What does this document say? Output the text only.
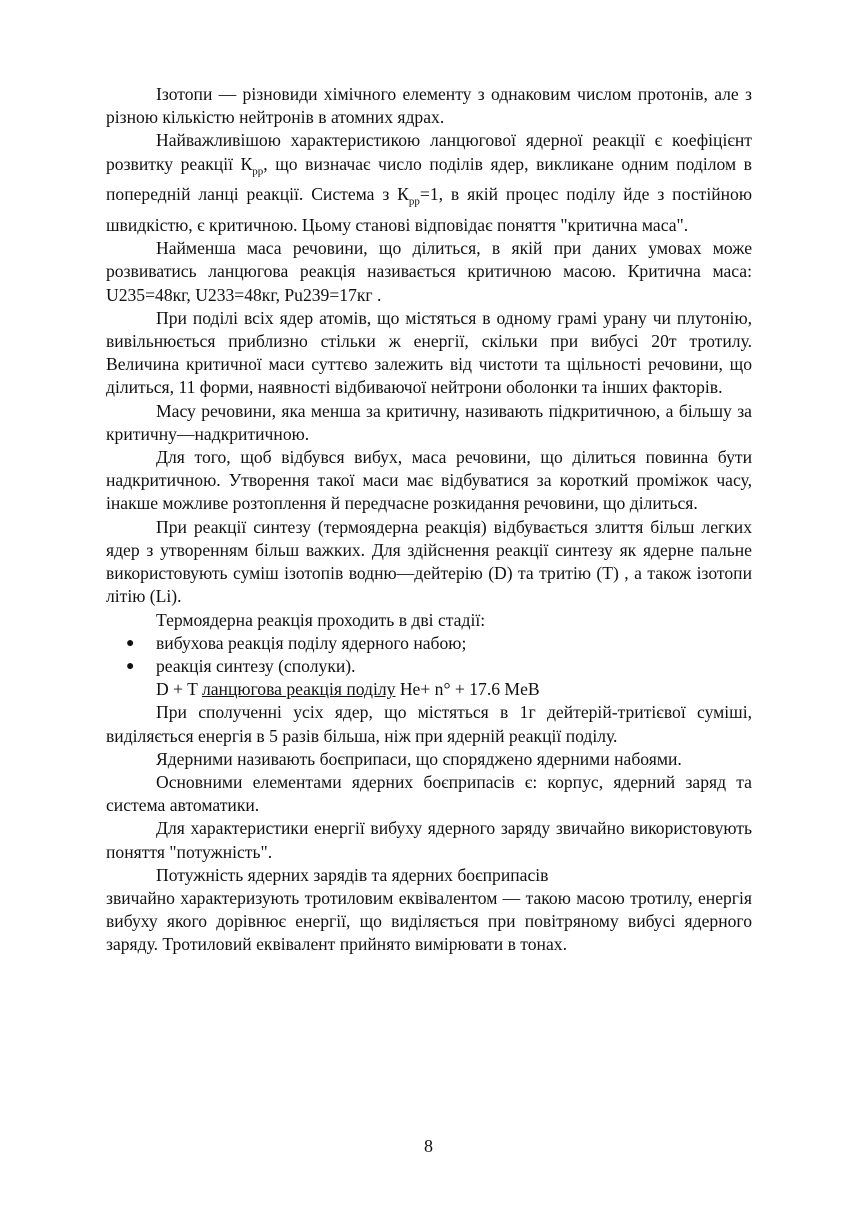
Ізотопи — різновиди хімічного елементу з однаковим числом протонів, але з різною кількістю нейтронів в атомних ядрах.

Найважливішою характеристикою ланцюгової ядерної реакції є коефіцієнт розвитку реакції $К_{рр}$, що визначає число поділів ядер, викликане одним поділом в попередній ланці реакції. Система з $К_{рр}=1$, в якій процес поділу йде з постійною швидкістю, є критичною. Цьому станові відповідає поняття "критична маса".

Найменша маса речовини, що ділиться, в якій при даних умовах може розвиватись ланцюгова реакція називається критичною масою. Критична маса: U235=48кг, U233=48кг, Pu239=17кг .

При поділі всіх ядер атомів, що містяться в одному грамі урану чи плутонію, вивільнюється приблизно стільки ж енергії, скільки при вибусі 20т тротилу. Величина критичної маси суттєво залежить від чистоти та щільності речовини, що ділиться, 11 форми, наявності відбиваючої нейтрони оболонки та інших факторів.

Масу речовини, яка менша за критичну, називають підкритичною, а більшу за критичну—надкритичною.

Для того, щоб відбувся вибух, маса речовини, що ділиться повинна бути надкритичною. Утворення такої маси має відбуватися за короткий проміжок часу, інакше можливе розтоплення й передчасне розкидання речовини, що ділиться.

При реакції синтезу (термоядерна реакція) відбувається злиття більш легких ядер з утворенням більш важких. Для здійснення реакції синтезу як ядерне пальне використовують суміш ізотопів водню—дейтерію (D) та тритію (T) , а також ізотопи літію (Li).

Термоядерна реакція проходить в дві стадії:

● вибухова реакція поділу ядерного набою;
● реакція синтезу (сполуки).

D + T ланцюгова реакція поділу He+ n° + 17.6 MeB

При сполученні усіх ядер, що містяться в 1г дейтерій-тритієвої суміші, виділяється енергія в 5 разів більша, ніж при ядерній реакції поділу.

Ядерними називають боєприпаси, що споряджено ядерними набоями.

Основними елементами ядерних боєприпасів є: корпус, ядерний заряд та система автоматики.

Для характеристики енергії вибуху ядерного заряду звичайно використовують поняття "потужність".

Потужність ядерних зарядів та ядерних боєприпасів

звичайно характеризують тротиловим еквівалентом — такою масою тротилу, енергія вибуху якого дорівнює енергії, що виділяється при повітряному вибусі ядерного заряду. Тротиловий еквівалент прийнято вимірювати в тонах.

8
